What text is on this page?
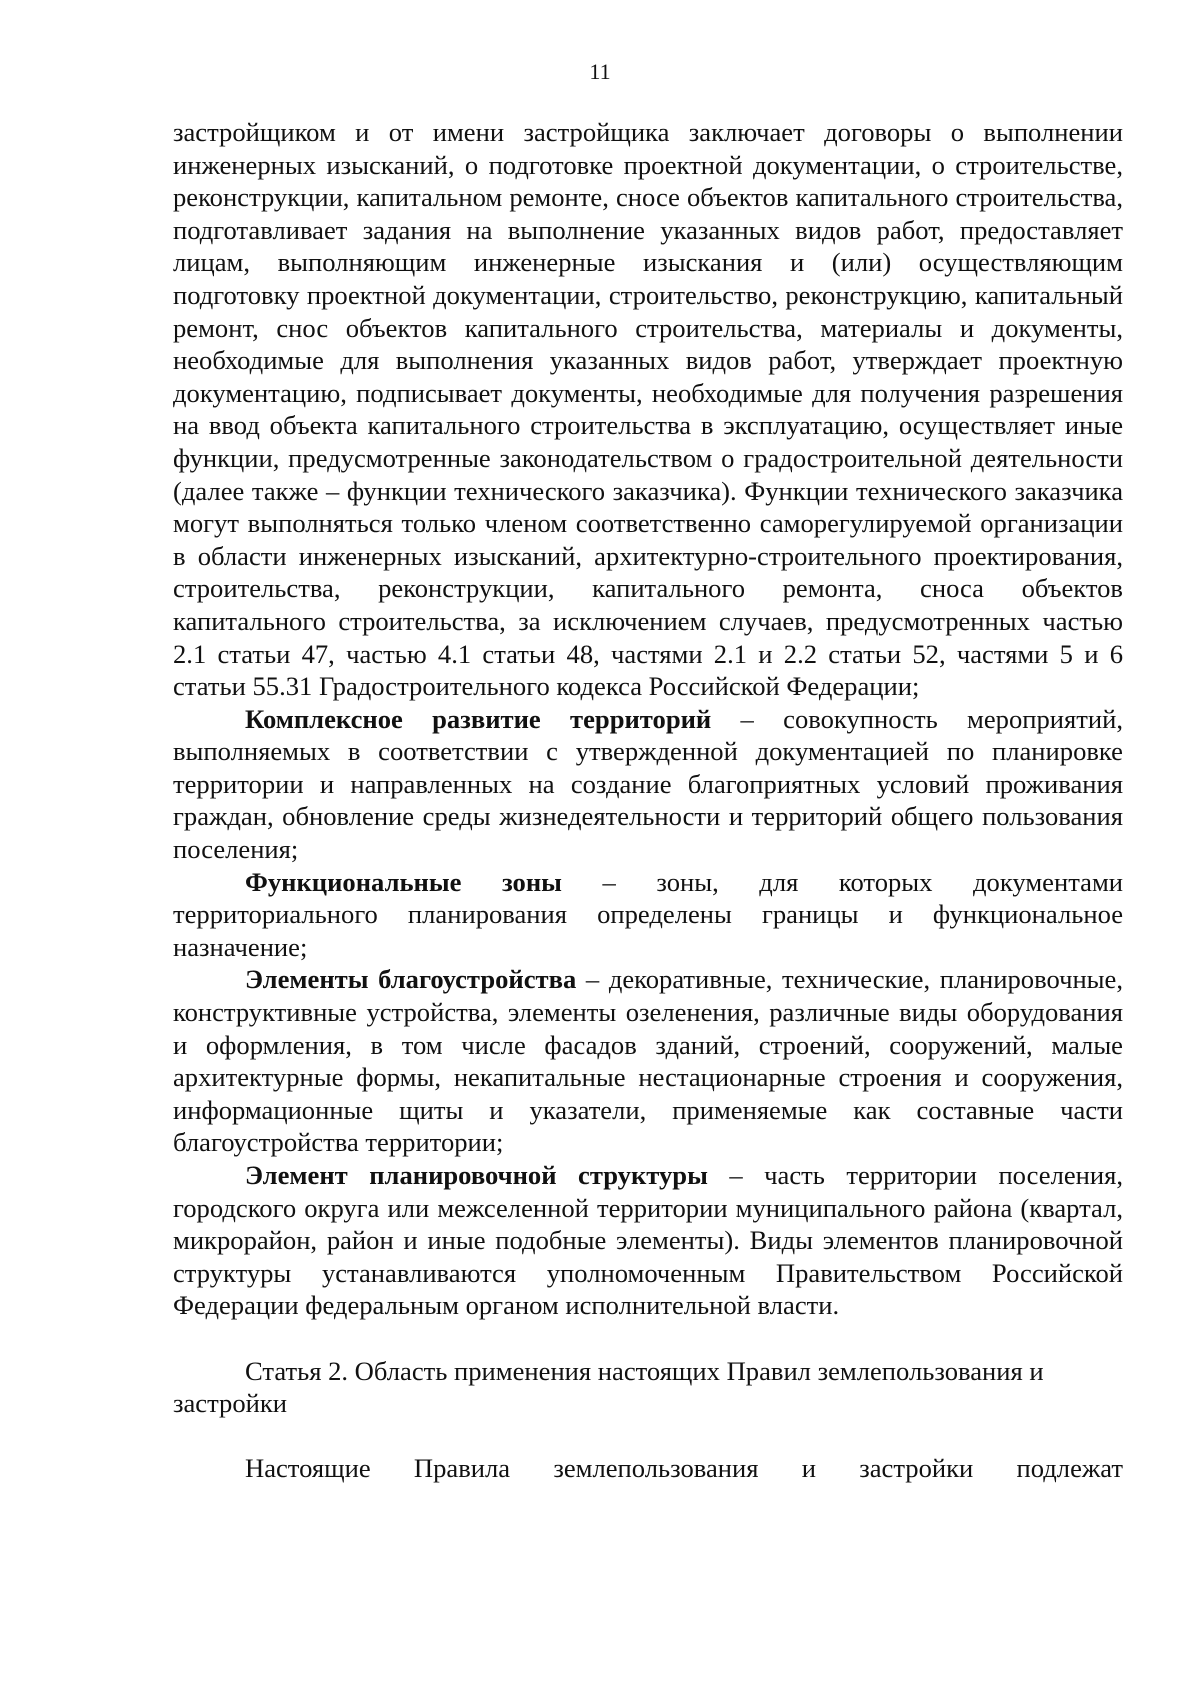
11

застройщиком и от имени застройщика заключает договоры о выполнении инженерных изысканий, о подготовке проектной документации, о строительстве, реконструкции, капитальном ремонте, сносе объектов капитального строительства, подготавливает задания на выполнение указанных видов работ, предоставляет лицам, выполняющим инженерные изыскания и (или) осуществляющим подготовку проектной документации, строительство, реконструкцию, капитальный ремонт, снос объектов капитального строительства, материалы и документы, необходимые для выполнения указанных видов работ, утверждает проектную документацию, подписывает документы, необходимые для получения разрешения на ввод объекта капитального строительства в эксплуатацию, осуществляет иные функции, предусмотренные законодательством о градостроительной деятельности (далее также – функции технического заказчика). Функции технического заказчика могут выполняться только членом соответственно саморегулируемой организации в области инженерных изысканий, архитектурно-строительного проектирования, строительства, реконструкции, капитального ремонта, сноса объектов капитального строительства, за исключением случаев, предусмотренных частью 2.1 статьи 47, частью 4.1 статьи 48, частями 2.1 и 2.2 статьи 52, частями 5 и 6 статьи 55.31 Градостроительного кодекса Российской Федерации;

Комплексное развитие территорий – совокупность мероприятий, выполняемых в соответствии с утвержденной документацией по планировке территории и направленных на создание благоприятных условий проживания граждан, обновление среды жизнедеятельности и территорий общего пользования поселения;

Функциональные зоны – зоны, для которых документами территориального планирования определены границы и функциональное назначение;

Элементы благоустройства – декоративные, технические, планировочные, конструктивные устройства, элементы озеленения, различные виды оборудования и оформления, в том числе фасадов зданий, строений, сооружений, малые архитектурные формы, некапитальные нестационарные строения и сооружения, информационные щиты и указатели, применяемые как составные части благоустройства территории;

Элемент планировочной структуры – часть территории поселения, городского округа или межселенной территории муниципального района (квартал, микрорайон, район и иные подобные элементы). Виды элементов планировочной структуры устанавливаются уполномоченным Правительством Российской Федерации федеральным органом исполнительной власти.

Статья 2. Область применения настоящих Правил землепользования и застройки

Настоящие Правила землепользования и застройки подлежат
